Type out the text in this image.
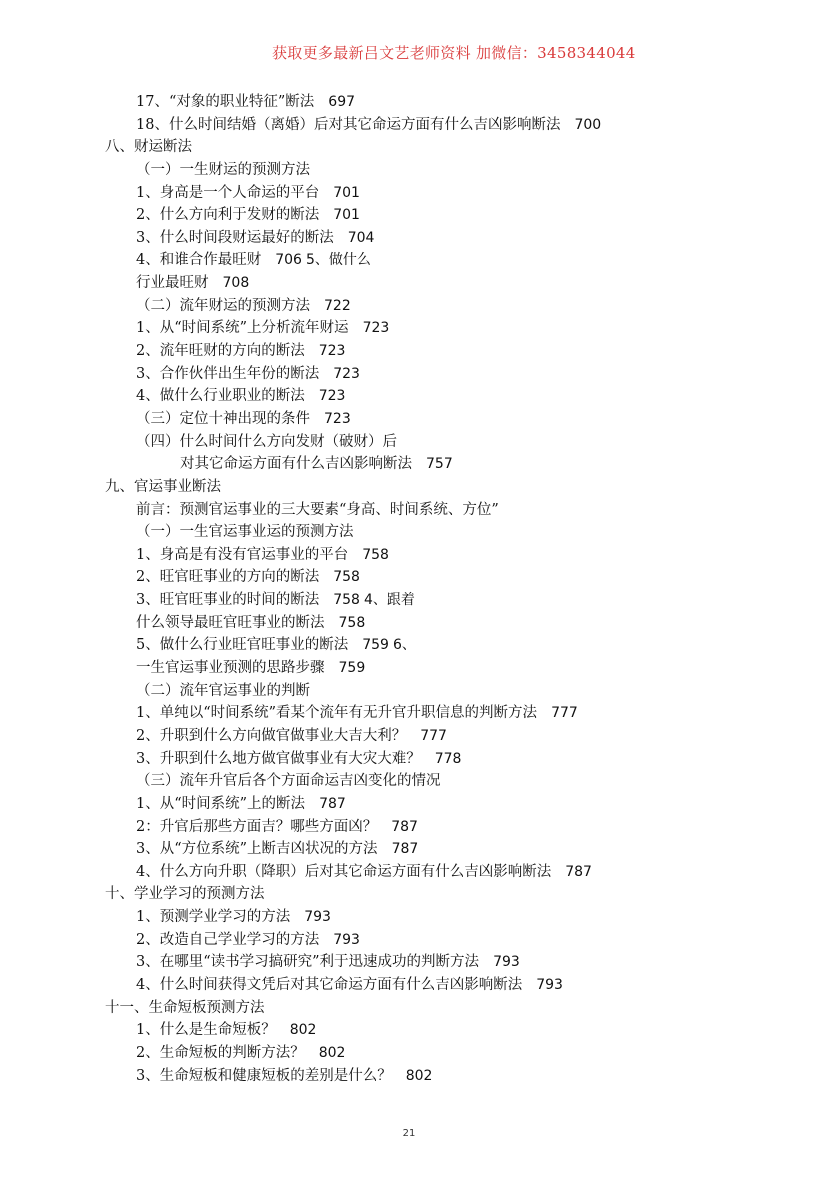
获取更多最新吕文艺老师资料 加微信：3458344044
17、“对象的职业特征”断法 697
18、什么时间结婚（离婚）后对其它命运方面有什么吉凶影响断法 700
八、财运断法
（一）一生财运的预测方法
1、身高是一个人命运的平台 701
2、什么方向利于发财的断法 701
3、什么时间段财运最好的断法 704
4、和谁合作最旺财 706 5、做什么
行业最旺财 708
（二）流年财运的预测方法 722
1、从“时间系统”上分析流年财运 723
2、流年旺财的方向的断法 723
3、合作伙伴出生年份的断法 723
4、做什么行业职业的断法 723
（三）定位十神出现的条件 723
（四）什么时间什么方向发财（破财）后
对其它命运方面有什么吉凶影响断法 757
九、官运事业断法
前言：预测官运事业的三大要素“身高、时间系统、方位”
（一）一生官运事业运的预测方法
1、身高是有没有官运事业的平台 758
2、旺官旺事业的方向的断法 758
3、旺官旺事业的时间的断法 758 4、跟着
什么领导最旺官旺事业的断法 758
5、做什么行业旺官旺事业的断法 759 6、
一生官运事业预测的思路步骤 759
（二）流年官运事业的判断
1、单纯以“时间系统”看某个流年有无升官升职信息的判断方法 777
2、升职到什么方向做官做事业大吉大利？ 777
3、升职到什么地方做官做事业有大灾大难？ 778
（三）流年升官后各个方面命运吉凶变化的情况
1、从“时间系统”上的断法 787
2：升官后那些方面吉？哪些方面凶？ 787
3、从“方位系统”上断吉凶状况的方法 787
4、什么方向升职（降职）后对其它命运方面有什么吉凶影响断法 787
十、学业学习的预测方法
1、预测学业学习的方法 793
2、改造自己学业学习的方法 793
3、在哪里“读书学习搞研究”利于迅速成功的判断方法 793
4、什么时间获得文凭后对其它命运方面有什么吉凶影响断法 793
十一、生命短板预测方法
1、什么是生命短板？ 802
2、生命短板的判断方法？ 802
3、生命短板和健康短板的差别是什么？ 802
21
